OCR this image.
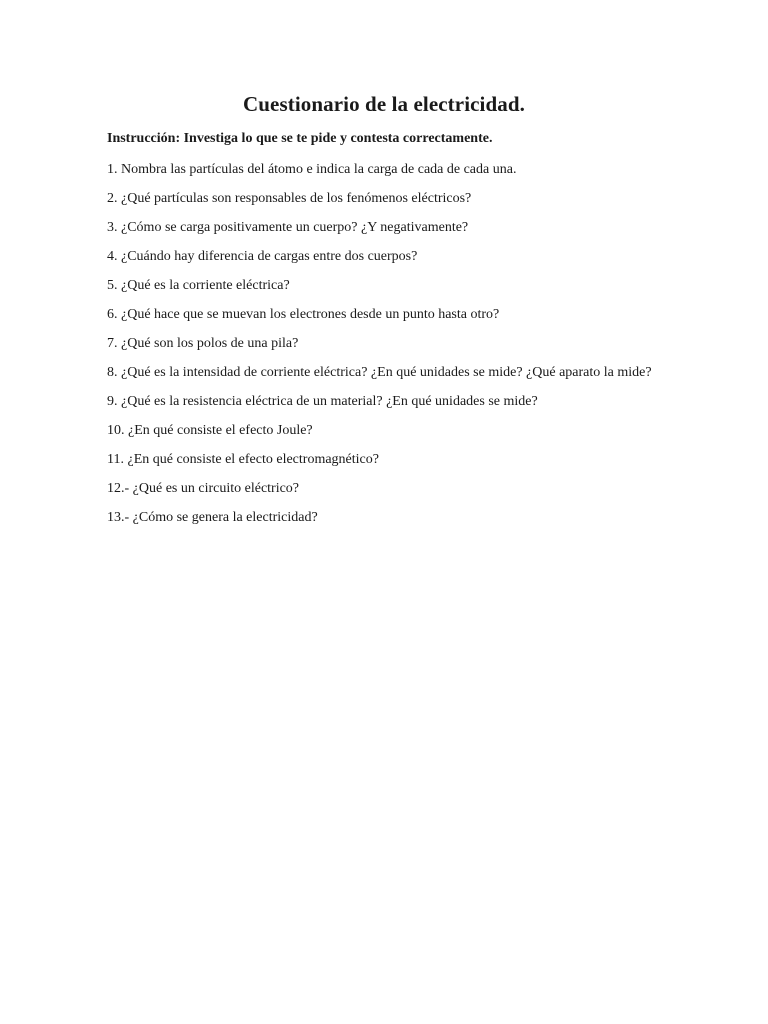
Cuestionario de la electricidad.

Instrucción: Investiga lo que se te pide y contesta correctamente.

1. Nombra las partículas del átomo e indica la carga de cada de cada una.
2. ¿Qué partículas son responsables de los fenómenos eléctricos?
3. ¿Cómo se carga positivamente un cuerpo? ¿Y negativamente?
4. ¿Cuándo hay diferencia de cargas entre dos cuerpos?
5. ¿Qué es la corriente eléctrica?
6. ¿Qué hace que se muevan los electrones desde un punto hasta otro?
7. ¿Qué son los polos de una pila?
8. ¿Qué es la intensidad de corriente eléctrica? ¿En qué unidades se mide? ¿Qué aparato la mide?
9. ¿Qué es la resistencia eléctrica de un material? ¿En qué unidades se mide?
10. ¿En qué consiste el efecto Joule?
11. ¿En qué consiste el efecto electromagnético?
12.- ¿Qué es un circuito eléctrico?
13.- ¿Cómo se genera la electricidad?
